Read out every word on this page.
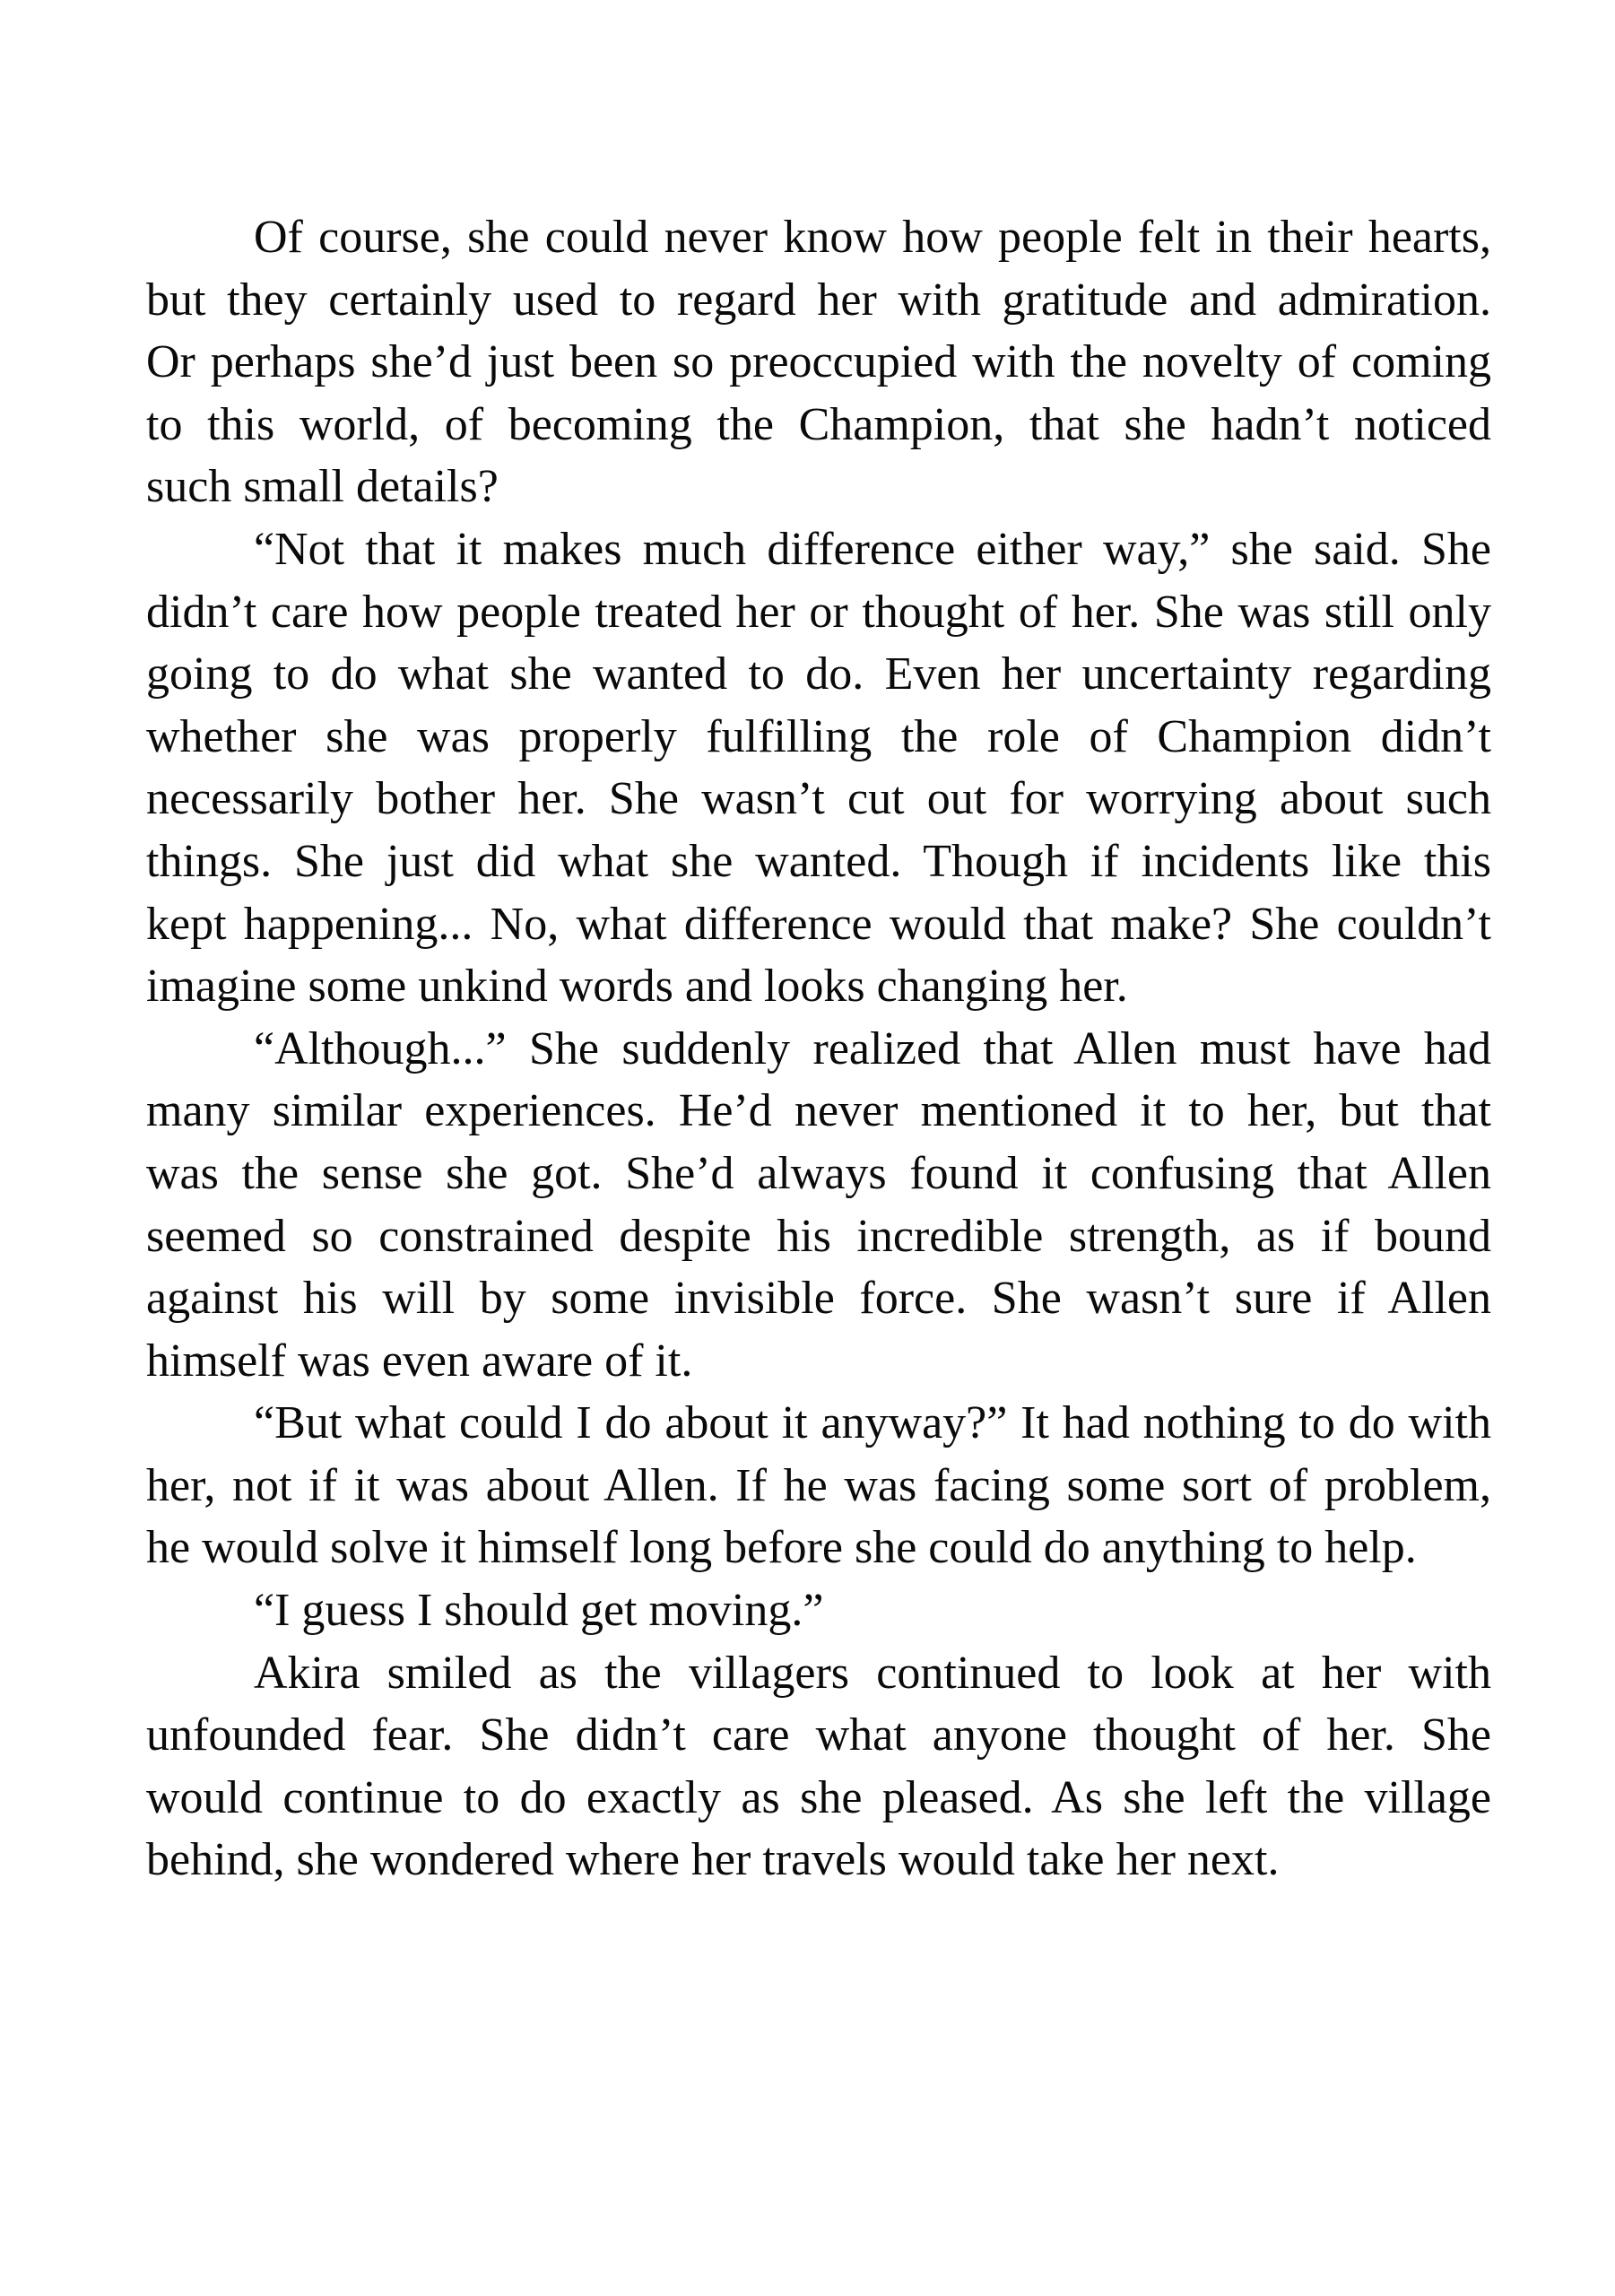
Of course, she could never know how people felt in their hearts,
but they certainly used to regard her with gratitude and admiration.
Or perhaps she’d just been so preoccupied with the novelty of coming
to this world, of becoming the Champion, that she hadn’t noticed
such small details?
“Not that it makes much difference either way,” she said. She
didn’t care how people treated her or thought of her. She was still only
going to do what she wanted to do. Even her uncertainty regarding
whether she was properly fulfilling the role of Champion didn’t
necessarily bother her. She wasn’t cut out for worrying about such
things. She just did what she wanted. Though if incidents like this
kept happening... No, what difference would that make? She couldn’t
imagine some unkind words and looks changing her.
“Although...” She suddenly realized that Allen must have had
many similar experiences. He’d never mentioned it to her, but that
was the sense she got. She’d always found it confusing that Allen
seemed so constrained despite his incredible strength, as if bound
against his will by some invisible force. She wasn’t sure if Allen
himself was even aware of it.
“But what could I do about it anyway?” It had nothing to do with
her, not if it was about Allen. If he was facing some sort of problem,
he would solve it himself long before she could do anything to help.
“I guess I should get moving.”
Akira smiled as the villagers continued to look at her with
unfounded fear. She didn’t care what anyone thought of her. She
would continue to do exactly as she pleased. As she left the village
behind, she wondered where her travels would take her next.
